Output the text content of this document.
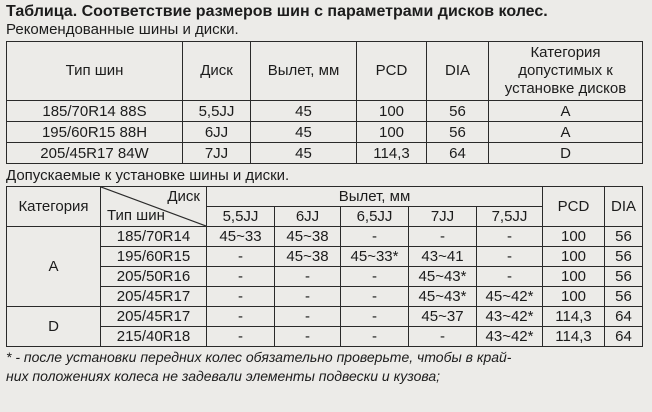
Таблица. Соответствие размеров шин с параметрами дисков колес.
Рекомендованные шины и диски.
Тип шин	Диск	Вылет, мм	PCD	DIA	Категория допустимых к установке дисков
185/70R14 88S	5,5JJ	45	100	56	A
195/60R15 88H	6JJ	45	100	56	A
205/45R17 84W	7JJ	45	114,3	64	D
Допускаемые к установке шины и диски.
Категория	Диск
Тип шин	Вылет, мм					PCD	DIA
		5,5JJ	6JJ	6,5JJ	7JJ	7,5JJ		
A	185/70R14	45~33	45~38	-	-	-	100	56
	195/60R15	-	45~38	45~33*	43~41	-	100	56
	205/50R16	-	-	-	45~43*	-	100	56
	205/45R17	-	-	-	45~43*	45~42*	100	56
D	205/45R17	-	-	-	45~37	43~42*	114,3	64
	215/40R18	-	-	-	-	43~42*	114,3	64
* - после установки передних колес обязательно проверьте, чтобы в край-
них положениях колеса не задевали элементы подвески и кузова;
